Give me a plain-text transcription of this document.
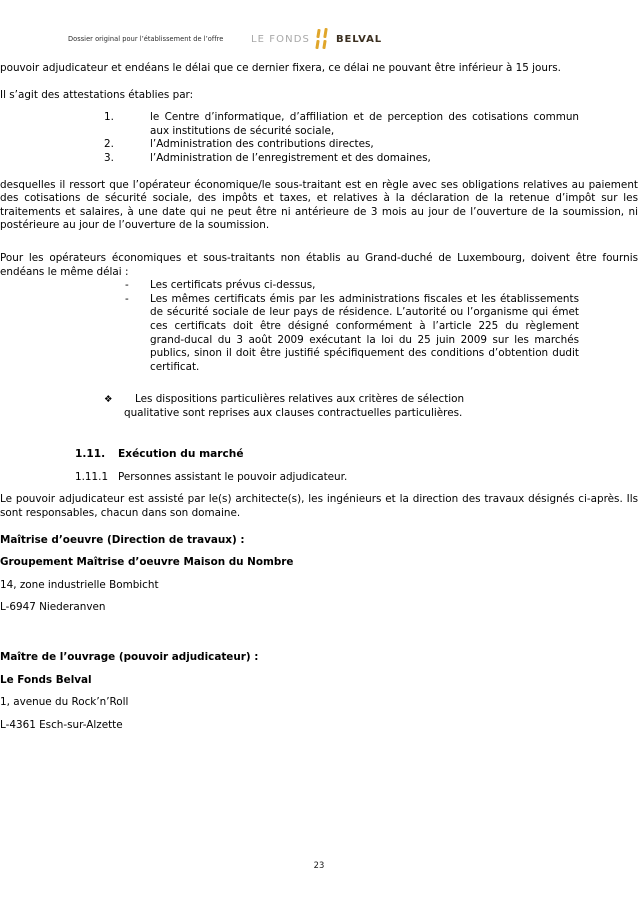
Dossier original pour l’établissement de l’offre	LE FONDS	BELVAL

pouvoir adjudicateur et endéans le délai que ce dernier fixera, ce délai ne pouvant être inférieur à 15 jours.

Il s’agit des attestations établies par:

1.	le Centre d’informatique, d’affiliation et de perception des cotisations commun aux institutions de sécurité sociale,
2.	l’Administration des contributions directes,
3.	l’Administration de l’enregistrement et des domaines,

desquelles il ressort que l’opérateur économique/le sous-traitant est en règle avec ses obligations relatives au paiement des cotisations de sécurité sociale, des impôts et taxes, et relatives à la déclaration de la retenue d’impôt sur les traitements et salaires, à une date qui ne peut être ni antérieure de 3 mois au jour de l’ouverture de la soumission, ni postérieure au jour de l’ouverture de la soumission.

Pour les opérateurs économiques et sous-traitants non établis au Grand-duché de Luxembourg, doivent être fournis endéans le même délai :

-	Les certificats prévus ci-dessus,
-	Les mêmes certificats émis par les administrations fiscales et les établissements de sécurité sociale de leur pays de résidence. L’autorité ou l’organisme qui émet ces certificats doit être désigné conformément à l’article 225 du règlement grand-ducal du 3 août 2009 exécutant la loi du 25 juin 2009 sur les marchés publics, sinon il doit être justifié spécifiquement des conditions d’obtention dudit certificat.
❖	Les dispositions particulières relatives aux critères de sélection
qualitative sont reprises aux clauses contractuelles particulières.
1.11.	Exécution du marché
1.11.1 Personnes assistant le pouvoir adjudicateur.

Le pouvoir adjudicateur est assisté par le(s) architecte(s), les ingénieurs et la direction des travaux désignés ci-après. Ils sont responsables, chacun dans son domaine.

Maîtrise d’oeuvre (Direction de travaux) :

Groupement Maîtrise d’oeuvre Maison du Nombre

14, zone industrielle Bombicht

L-6947 Niederanven

Maître de l’ouvrage (pouvoir adjudicateur) :

Le Fonds Belval

1, avenue du Rock’n’Roll

L-4361 Esch-sur-Alzette

23
